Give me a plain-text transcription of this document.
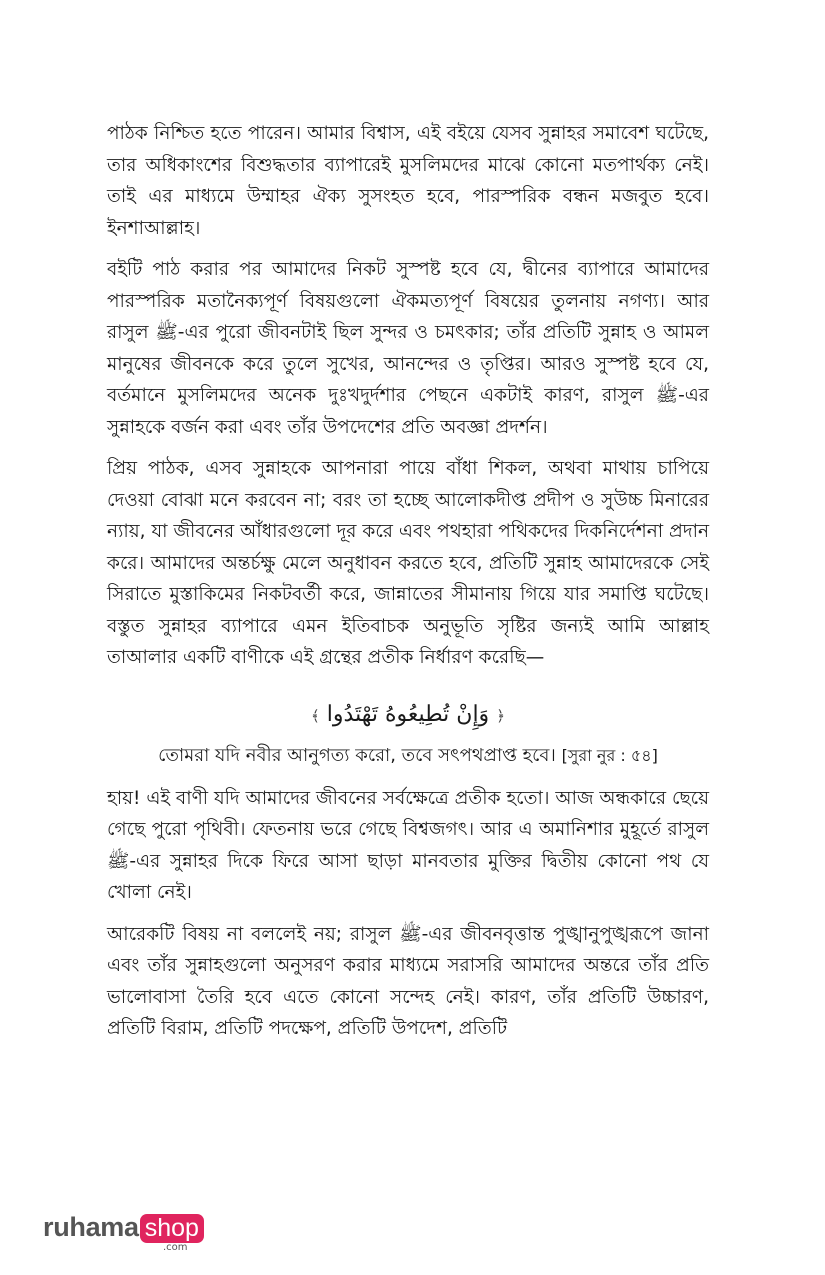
পাঠক নিশ্চিত হতে পারেন। আমার বিশ্বাস, এই বইয়ে যেসব সুন্নাহর সমাবেশ ঘটেছে, তার অধিকাংশের বিশুদ্ধতার ব্যাপারেই মুসলিমদের মাঝে কোনো মতপার্থক্য নেই। তাই এর মাধ্যমে উম্মাহর ঐক্য সুসংহত হবে, পারস্পরিক বন্ধন মজবুত হবে। ইনশাআল্লাহ।

বইটি পাঠ করার পর আমাদের নিকট সুস্পষ্ট হবে যে, দ্বীনের ব্যাপারে আমাদের পারস্পরিক মতানৈক্যপূর্ণ বিষয়গুলো ঐকমত্যপূর্ণ বিষয়ের তুলনায় নগণ্য। আর রাসুল ﷺ-এর পুরো জীবনটাই ছিল সুন্দর ও চমৎকার; তাঁর প্রতিটি সুন্নাহ ও আমল মানুষের জীবনকে করে তুলে সুখের, আনন্দের ও তৃপ্তির। আরও সুস্পষ্ট হবে যে, বর্তমানে মুসলিমদের অনেক দুঃখদুর্দশার পেছনে একটাই কারণ, রাসুল ﷺ-এর সুন্নাহকে বর্জন করা এবং তাঁর উপদেশের প্রতি অবজ্ঞা প্রদর্শন।

প্রিয় পাঠক, এসব সুন্নাহকে আপনারা পায়ে বাঁধা শিকল, অথবা মাথায় চাপিয়ে দেওয়া বোঝা মনে করবেন না; বরং তা হচ্ছে আলোকদীপ্ত প্রদীপ ও সুউচ্চ মিনারের ন্যায়, যা জীবনের আঁধারগুলো দূর করে এবং পথহারা পথিকদের দিকনির্দেশনা প্রদান করে। আমাদের অন্তর্চক্ষু মেলে অনুধাবন করতে হবে, প্রতিটি সুন্নাহ আমাদেরকে সেই সিরাতে মুস্তাকিমের নিকটবর্তী করে, জান্নাতের সীমানায় গিয়ে যার সমাপ্তি ঘটেছে। বস্তুত সুন্নাহর ব্যাপারে এমন ইতিবাচক অনুভূতি সৃষ্টির জন্যই আমি আল্লাহ তাআলার একটি বাণীকে এই গ্রন্থের প্রতীক নির্ধারণ করেছি—

﴿ وَإِنْ تُطِيعُوهُ تَهْتَدُوا ﴾

তোমরা যদি নবীর আনুগত্য করো, তবে সৎপথপ্রাপ্ত হবে। [সুরা নুর : ৫৪]

হায়! এই বাণী যদি আমাদের জীবনের সর্বক্ষেত্রে প্রতীক হতো। আজ অন্ধকারে ছেয়ে গেছে পুরো পৃথিবী। ফেতনায় ভরে গেছে বিশ্বজগৎ। আর এ অমানিশার মুহূর্তে রাসুল ﷺ-এর সুন্নাহর দিকে ফিরে আসা ছাড়া মানবতার মুক্তির দ্বিতীয় কোনো পথ যে খোলা নেই।

আরেকটি বিষয় না বললেই নয়; রাসুল ﷺ-এর জীবনবৃত্তান্ত পুঙ্খানুপুঙ্খরূপে জানা এবং তাঁর সুন্নাহগুলো অনুসরণ করার মাধ্যমে সরাসরি আমাদের অন্তরে তাঁর প্রতি ভালোবাসা তৈরি হবে এতে কোনো সন্দেহ নেই। কারণ, তাঁর প্রতিটি উচ্চারণ, প্রতিটি বিরাম, প্রতিটি পদক্ষেপ, প্রতিটি উপদেশ, প্রতিটি

ruhama shop
.com
